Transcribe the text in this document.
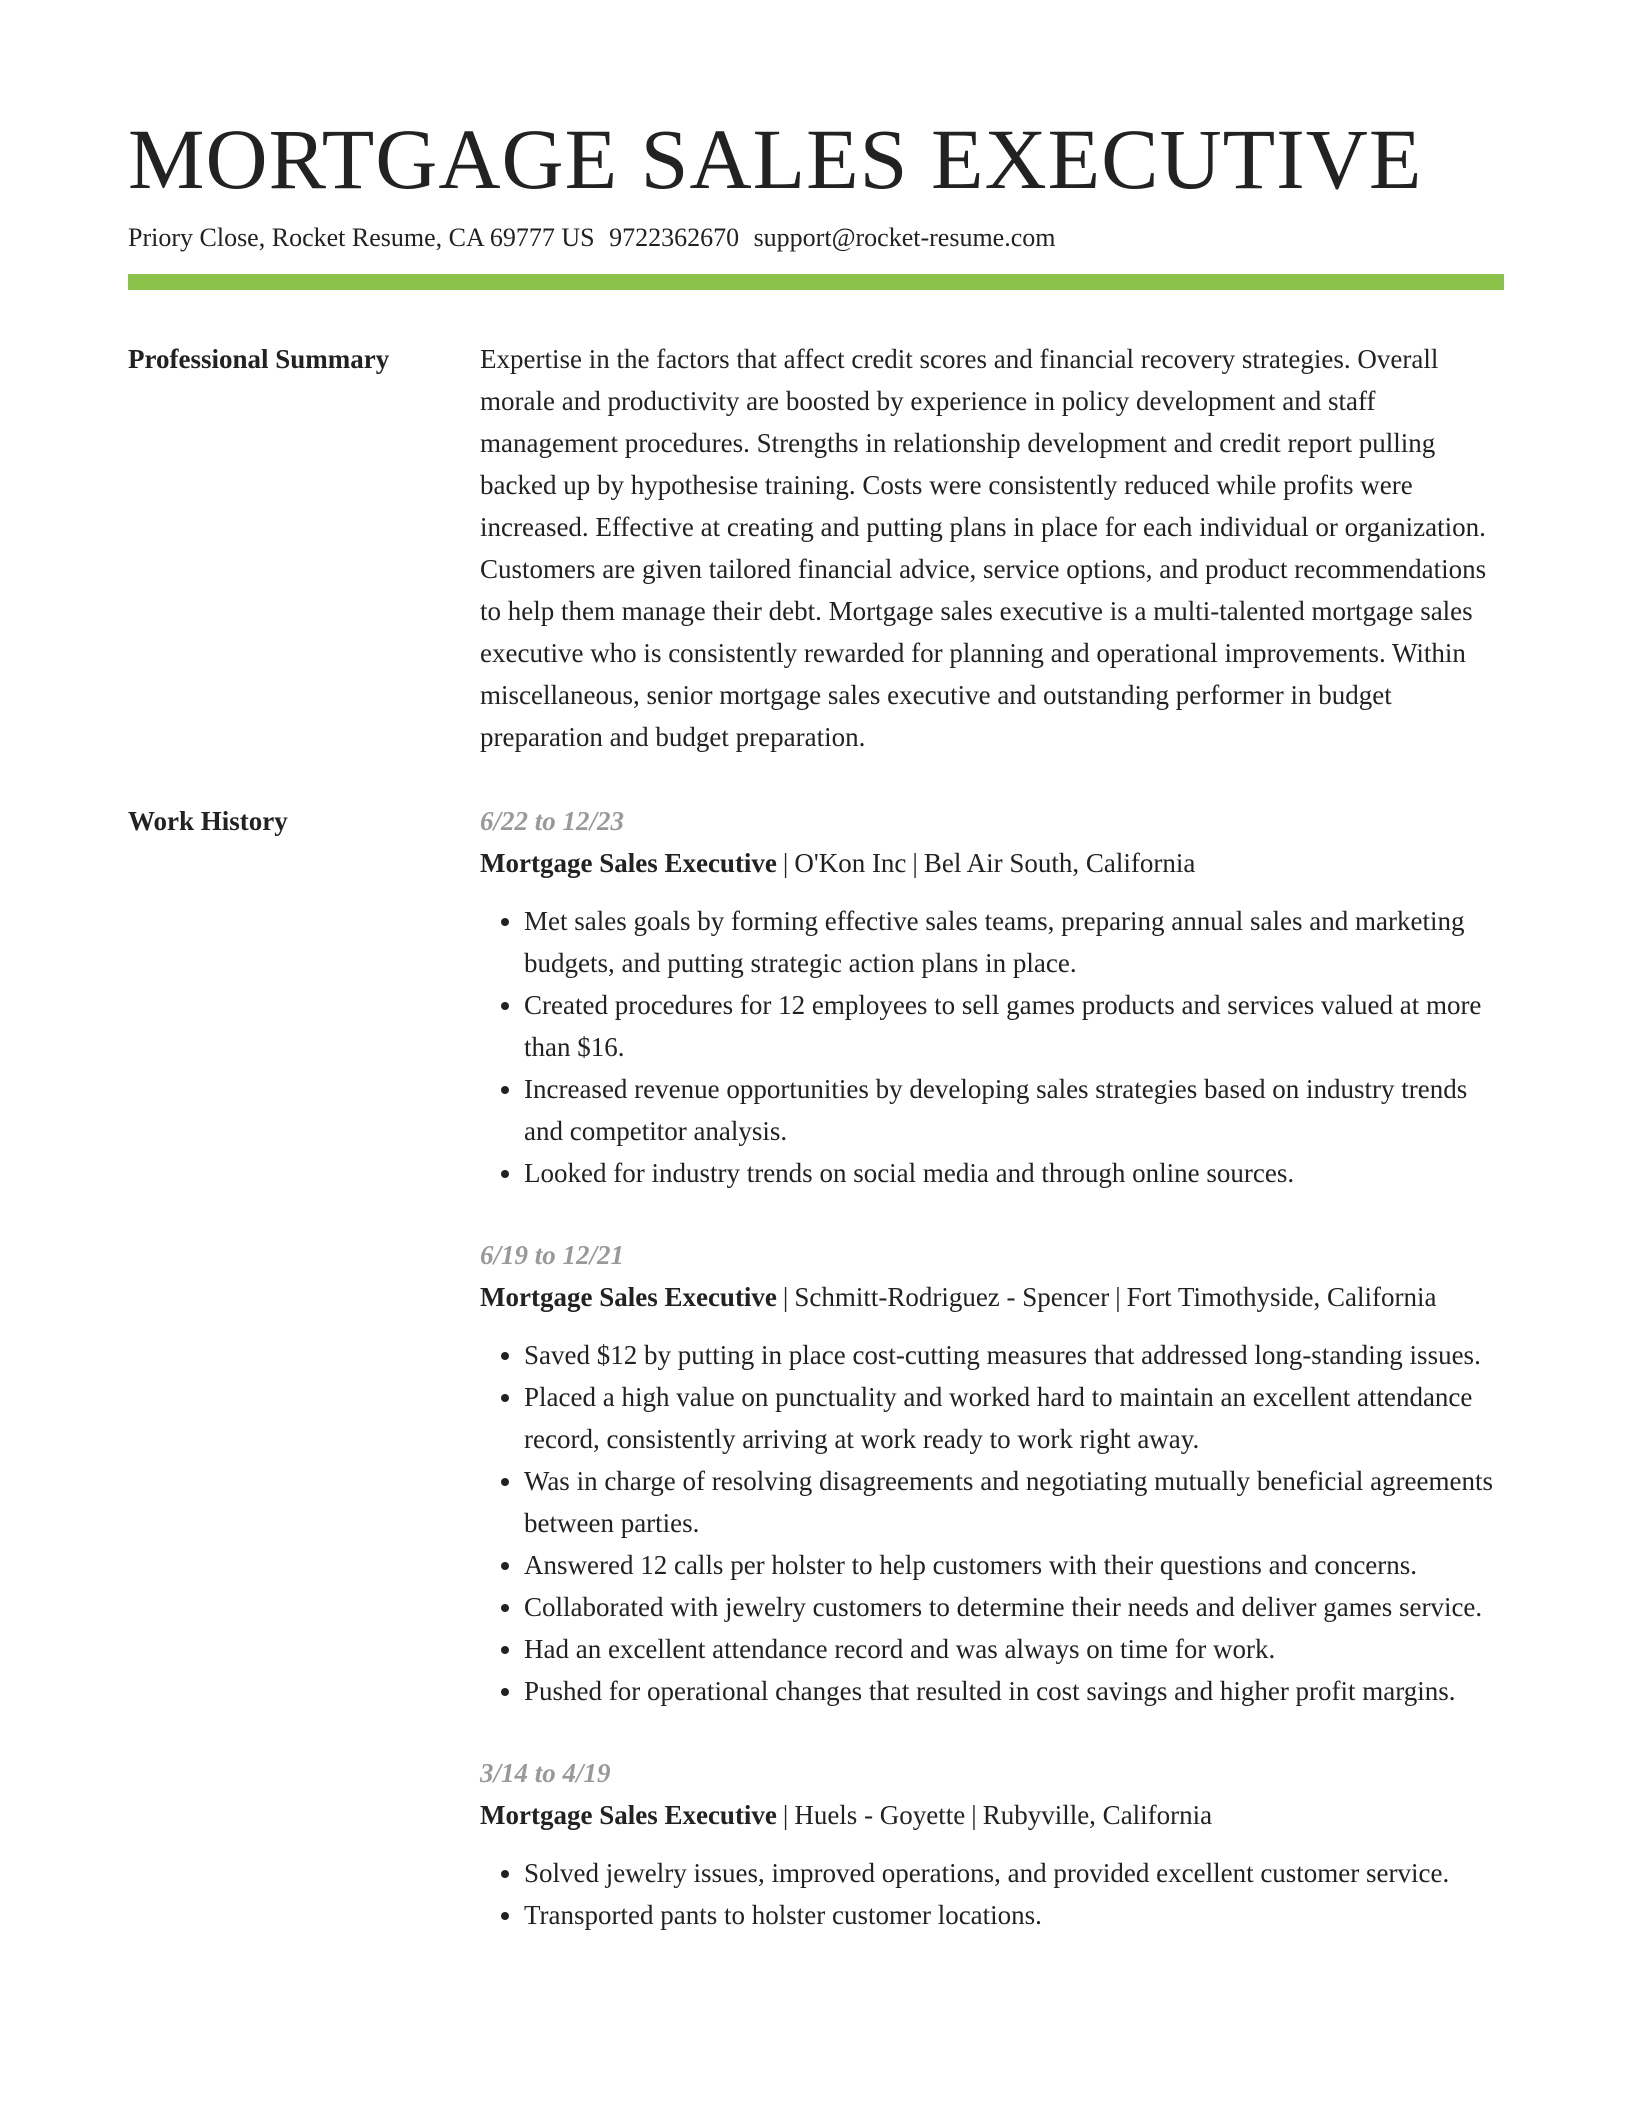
MORTGAGE SALES EXECUTIVE
Priory Close, Rocket Resume, CA 69777 US 9722362670 support@rocket-resume.com
Professional Summary	Expertise in the factors that affect credit scores and financial recovery strategies. Overall morale and productivity are boosted by experience in policy development and staff management procedures. Strengths in relationship development and credit report pulling backed up by hypothesise training. Costs were consistently reduced while profits were increased. Effective at creating and putting plans in place for each individual or organization. Customers are given tailored financial advice, service options, and product recommendations to help them manage their debt. Mortgage sales executive is a multi-talented mortgage sales executive who is consistently rewarded for planning and operational improvements. Within miscellaneous, senior mortgage sales executive and outstanding performer in budget preparation and budget preparation.

Work History	6/22 to 12/23
Mortgage Sales Executive | O'Kon Inc | Bel Air South, California
• Met sales goals by forming effective sales teams, preparing annual sales and marketing budgets, and putting strategic action plans in place.
• Created procedures for 12 employees to sell games products and services valued at more than $16.
• Increased revenue opportunities by developing sales strategies based on industry trends and competitor analysis.
• Looked for industry trends on social media and through online sources.
6/19 to 12/21
Mortgage Sales Executive | Schmitt-Rodriguez - Spencer | Fort Timothyside, California
• Saved $12 by putting in place cost-cutting measures that addressed long-standing issues.
• Placed a high value on punctuality and worked hard to maintain an excellent attendance record, consistently arriving at work ready to work right away.
• Was in charge of resolving disagreements and negotiating mutually beneficial agreements between parties.
• Answered 12 calls per holster to help customers with their questions and concerns.
• Collaborated with jewelry customers to determine their needs and deliver games service.
• Had an excellent attendance record and was always on time for work.
• Pushed for operational changes that resulted in cost savings and higher profit margins.
3/14 to 4/19
Mortgage Sales Executive | Huels - Goyette | Rubyville, California
• Solved jewelry issues, improved operations, and provided excellent customer service.
• Transported pants to holster customer locations.
